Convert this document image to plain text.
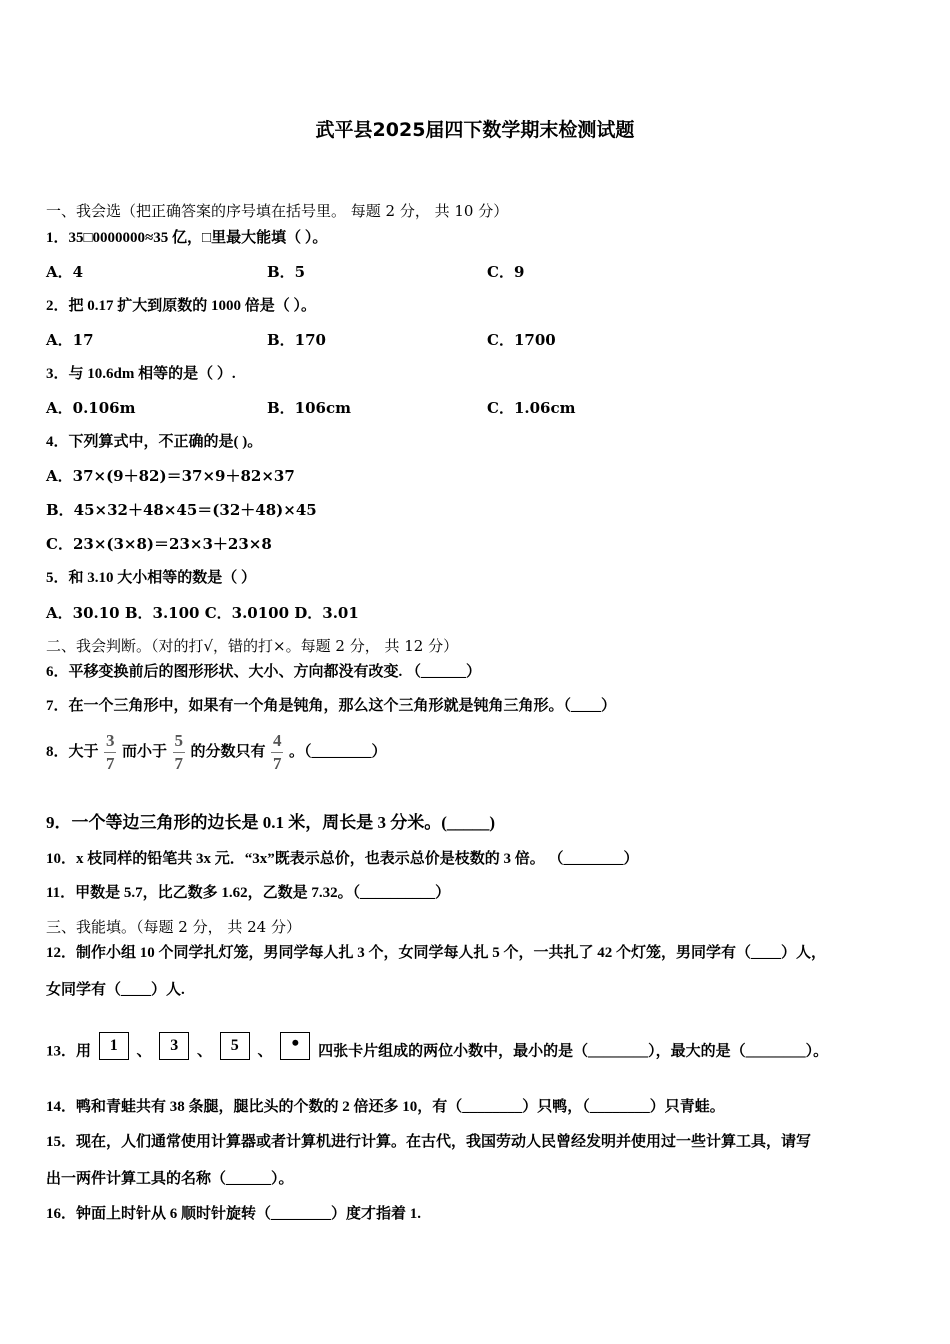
武平县2025届四下数学期末检测试题
一、我会选（把正确答案的序号填在括号里。 每题 2 分， 共 10 分）
1．35□0000000≈35 亿，□里最大能填（ ）。
A．4	B．5	C．9
2．把 0.17 扩大到原数的 1000 倍是（ ）。
A．17	B．170	C．1700
3．与 10.6dm 相等的是（ ）.
A．0.106m	B．106cm	C．1.06cm
4．下列算式中，不正确的是( )。
A．37×(9＋82)＝37×9＋82×37
B．45×32＋48×45＝(32＋48)×45
C．23×(3×8)＝23×3＋23×8
5．和 3.10 大小相等的数是（ ）
A．30.10 B．3.100 C．3.0100 D．3.01
二、我会判断。（对的打√，错的打×。每题 2 分， 共 12 分）
6．平移变换前后的图形形状、大小、方向都没有改变. （______）
7．在一个三角形中，如果有一个角是钝角，那么这个三角形就是钝角三角形。（____）
8．大于 $\frac{3}{7}$ 而小于 $\frac{5}{7}$ 的分数只有 $\frac{4}{7}$ 。（________）
9．一个等边三角形的边长是 0.1 米，周长是 3 分米。(_____)
10．x 枝同样的铅笔共 3x 元．“3x”既表示总价，也表示总价是枝数的 3 倍。 （________）
11．甲数是 5.7，比乙数多 1.62，乙数是 7.32。（__________）
三、我能填。（每题 2 分， 共 24 分）
12．制作小组 10 个同学扎灯笼，男同学每人扎 3 个，女同学每人扎 5 个，一共扎了 42 个灯笼，男同学有（____）人，
女同学有（____）人.
13．用 1 、 3 、 5 、 • 四张卡片组成的两位小数中，最小的是（________），最大的是（________）。
14．鸭和青蛙共有 38 条腿，腿比头的个数的 2 倍还多 10，有（________）只鸭，（________）只青蛙。
15．现在，人们通常使用计算器或者计算机进行计算。在古代，我国劳动人民曾经发明并使用过一些计算工具，请写
出一两件计算工具的名称（______）。
16．钟面上时针从 6 顺时针旋转（________）度才指着 1.
